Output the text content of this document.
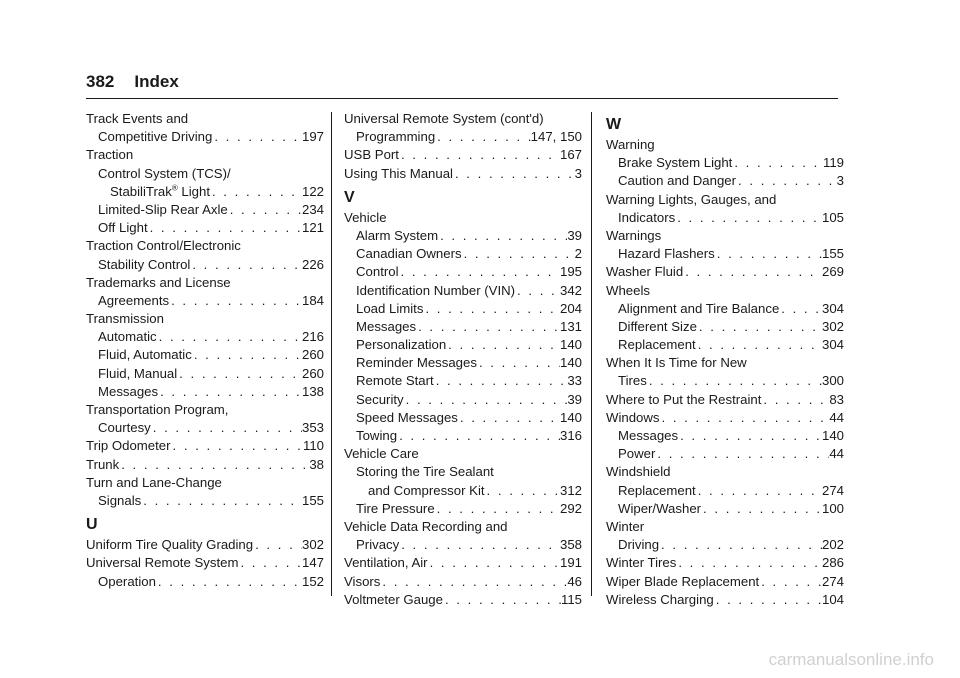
382 Index
Track Events and
Competitive Driving . . .	197
Traction
Control System (TCS)/
StabiliTrak® Light . . .	122
Limited-Slip Rear Axle . . .	234
Off Light . . .	121
Traction Control/Electronic
Stability Control . . .	226
Trademarks and License
Agreements . . .	184
Transmission
Automatic . . .	216
Fluid, Automatic . . .	260
Fluid, Manual . . .	260
Messages . . .	138
Transportation Program,
Courtesy . . .	353
Trip Odometer . . .	110
Trunk . . .	38
Turn and Lane-Change
Signals . . .	155
U
Uniform Tire Quality Grading . . .	302
Universal Remote System . . .	147
Operation . . .	152
Universal Remote System (cont'd)
Programming . . .	147, 150
USB Port . . .	167
Using This Manual . . .	3
V
Vehicle
Alarm System . . .	39
Canadian Owners . . .	2
Control . . .	195
Identification Number (VIN) . . .	342
Load Limits . . .	204
Messages . . .	131
Personalization . . .	140
Reminder Messages . . .	140
Remote Start . . .	33
Security . . .	39
Speed Messages . . .	140
Towing . . .	316
Vehicle Care
Storing the Tire Sealant
and Compressor Kit . . .	312
Tire Pressure . . .	292
Vehicle Data Recording and
Privacy . . .	358
Ventilation, Air . . .	191
Visors . . .	46
Voltmeter Gauge . . .	115
W
Warning
Brake System Light . . .	119
Caution and Danger . . .	3
Warning Lights, Gauges, and
Indicators . . .	105
Warnings
Hazard Flashers . . .	155
Washer Fluid . . .	269
Wheels
Alignment and Tire Balance . . .	304
Different Size . . .	302
Replacement . . .	304
When It Is Time for New
Tires . . .	300
Where to Put the Restraint . . .	83
Windows . . .	44
Messages . . .	140
Power . . .	44
Windshield
Replacement . . .	274
Wiper/Washer . . .	100
Winter
Driving . . .	202
Winter Tires . . .	286
Wiper Blade Replacement . . .	274
Wireless Charging . . .	104
carmanualsonline.info
